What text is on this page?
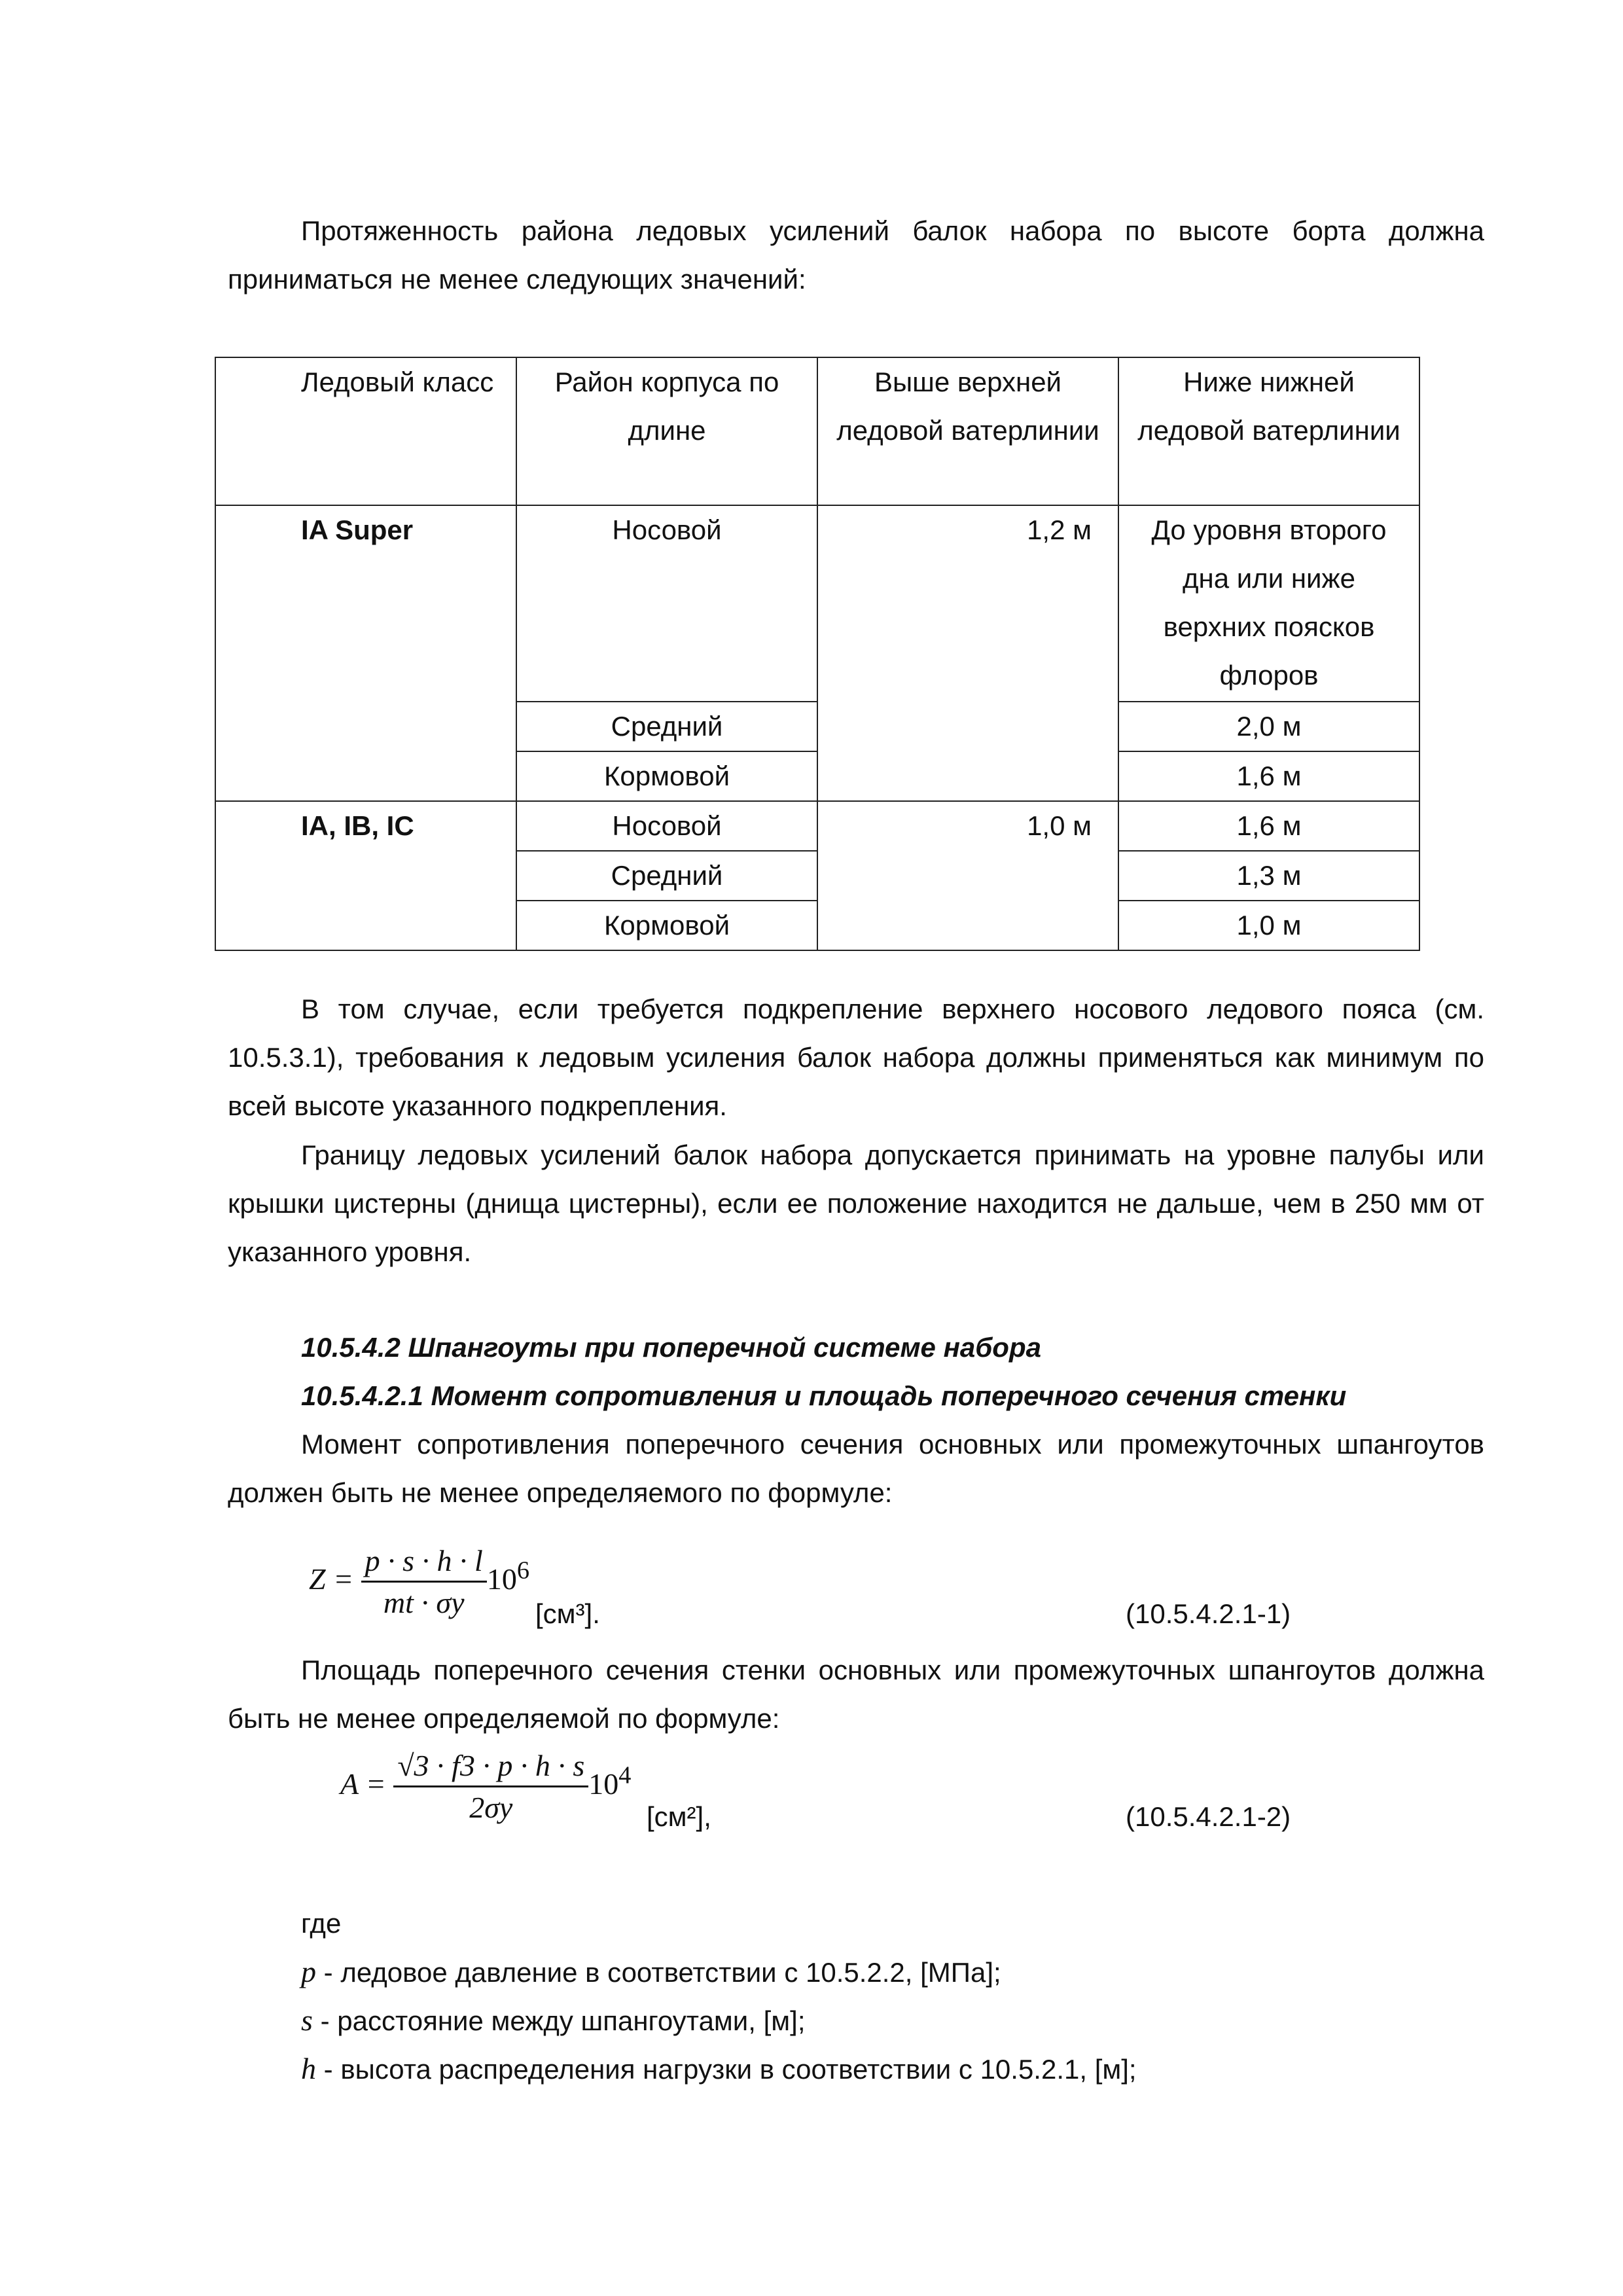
Протяженность района ледовых усилений балок набора по высоте борта должна приниматься не менее следующих значений:

Ледовый класс	Район корпуса по длине	Выше верхней ледовой ватерлинии	Ниже нижней ледовой ватерлинии
IA Super	Носовой	1,2 м	До уровня второго дна или ниже верхних поясков флоров
	Средний		2,0 м
	Кормовой		1,6 м
IA, IB, IC	Носовой	1,0 м	1,6 м
	Средний		1,3 м
	Кормовой		1,0 м

В том случае, если требуется подкрепление верхнего носового ледового пояса (см. 10.5.3.1), требования к ледовым усиления балок набора должны применяться как минимум по всей высоте указанного подкрепления.

Границу ледовых усилений балок набора допускается принимать на уровне палубы или крышки цистерны (днища цистерны), если ее положение находится не дальше, чем в 250 мм от указанного уровня.

10.5.4.2 Шпангоуты при поперечной системе набора

10.5.4.2.1 Момент сопротивления и площадь поперечного сечения стенки

Момент сопротивления поперечного сечения основных или промежуточных шпангоутов должен быть не менее определяемого по формуле:

$Z = \frac{p \cdot s \cdot h \cdot l}{mt \cdot \sigma y} 10^6$
[см³].	(10.5.4.2.1-1)

Площадь поперечного сечения стенки основных или промежуточных шпангоутов должна быть не менее определяемой по формуле:

$A = \frac{√3 \cdot f3 \cdot p \cdot h \cdot s}{2\sigma y} 10^4$
[см²],	(10.5.4.2.1-2)
где
p - ледовое давление в соответствии с 10.5.2.2, [МПа];
s - расстояние между шпангоутами, [м];
h - высота распределения нагрузки в соответствии с 10.5.2.1, [м];
